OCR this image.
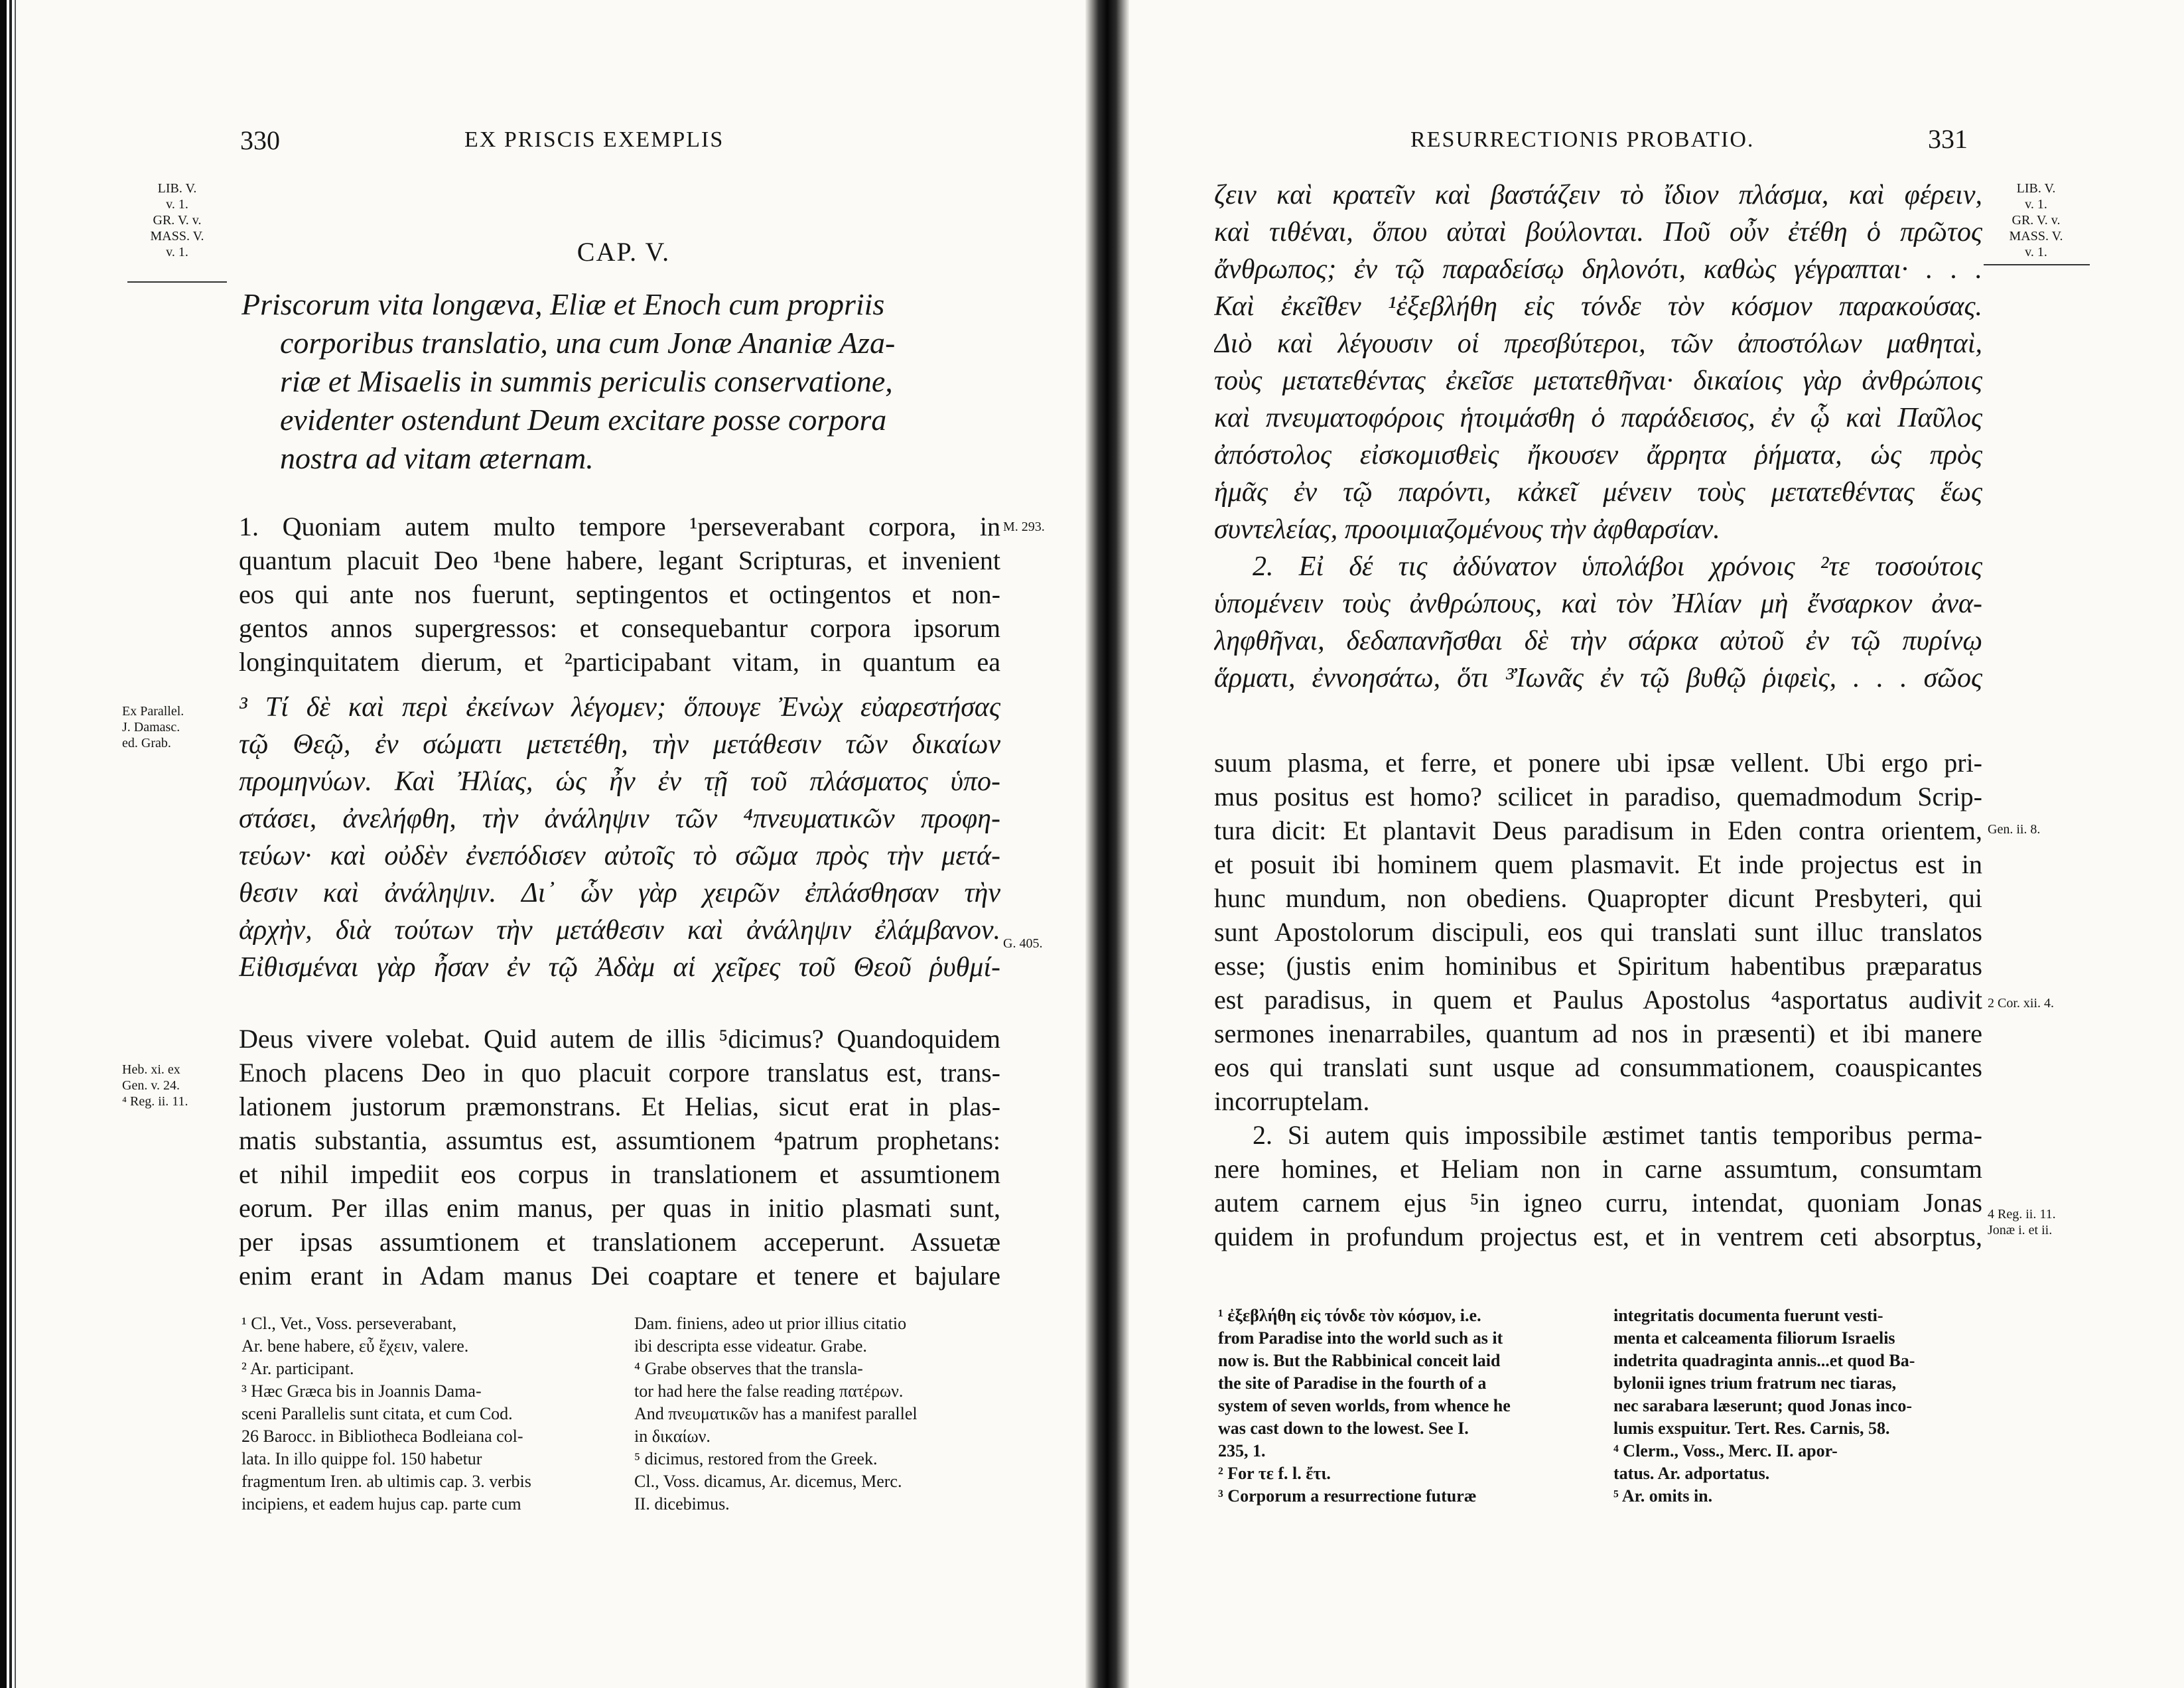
330	EX PRISCIS EXEMPLIS
LIB. V.
v. 1.
GR. V. v.
MASS. V.
v. 1.	CAP. V.
Priscorum vita longæva, Eliæ et Enoch cum propriis
corporibus translatio, una cum Jonæ Ananiæ Aza-
riæ et Misaelis in summis periculis conservatione,
evidenter ostendunt Deum excitare posse corpora
nostra ad vitam æternam.
1. Quoniam autem multo tempore ¹perseverabant corpora, in
quantum placuit Deo ¹bene habere, legant Scripturas, et invenient
eos qui ante nos fuerunt, septingentos et octingentos et non-
gentos annos supergressos: et consequebantur corpora ipsorum
longinquitatem dierum, et ²participabant vitam, in quantum ea
M. 293.
Ex Parallel.
J. Damasc.
ed. Grab.
³ Τί δὲ καὶ περὶ ἐκείνων λέγομεν; ὅπουγε Ἐνὼχ εὐαρεστήσας
τῷ Θεῷ, ἐν σώματι μετετέθη, τὴν μετάθεσιν τῶν δικαίων
προμηνύων. Καὶ Ἠλίας, ὡς ἦν ἐν τῇ τοῦ πλάσματος ὑπο-
στάσει, ἀνελήφθη, τὴν ἀνάληψιν τῶν ⁴πνευματικῶν προφη-
τεύων· καὶ οὐδὲν ἐνεπόδισεν αὐτοῖς τὸ σῶμα πρὸς τὴν μετά-
θεσιν καὶ ἀνάληψιν. Δι᾽ ὧν γὰρ χειρῶν ἐπλάσθησαν τὴν
ἀρχὴν, διὰ τούτων τὴν μετάθεσιν καὶ ἀνάληψιν ἐλάμβανον.
Εἰθισμέναι γὰρ ἦσαν ἐν τῷ Ἀδὰμ αἱ χεῖρες τοῦ Θεοῦ ῥυθμί-
G. 405.
Heb. xi. ex
Gen. v. 24.
⁴ Reg. ii. 11.
Deus vivere volebat. Quid autem de illis ⁵dicimus? Quandoquidem
Enoch placens Deo in quo placuit corpore translatus est, trans-
lationem justorum præmonstrans. Et Helias, sicut erat in plas-
matis substantia, assumtus est, assumtionem ⁴patrum prophetans:
et nihil impediit eos corpus in translationem et assumtionem
eorum. Per illas enim manus, per quas in initio plasmati sunt,
per ipsas assumtionem et translationem acceperunt. Assuetæ
enim erant in Adam manus Dei coaptare et tenere et bajulare
¹ Cl., Vet., Voss. perseverabant,
Ar. bene habere, εὖ ἔχειν, valere.
² Ar. participant.
³ Hæc Græca bis in Joannis Dama-
sceni Parallelis sunt citata, et cum Cod.
26 Barocc. in Bibliotheca Bodleiana col-
lata. In illo quippe fol. 150 habetur
fragmentum Iren. ab ultimis cap. 3. verbis
incipiens, et eadem hujus cap. parte cum
Dam. finiens, adeo ut prior illius citatio
ibi descripta esse videatur. Grabe.
⁴ Grabe observes that the transla-
tor had here the false reading πατέρων.
And πνευματικῶν has a manifest parallel
in δικαίων.
⁵ dicimus, restored from the Greek.
Cl., Voss. dicamus, Ar. dicemus, Merc.
II. dicebimus.
RESURRECTIONIS PROBATIO.	331
LIB. V.
v. 1.
GR. V. v.
MASS. V.
v. 1.
ζειν καὶ κρατεῖν καὶ βαστάζειν τὸ ἴδιον πλάσμα, καὶ φέρειν,
καὶ τιθέναι, ὅπου αὐταὶ βούλονται. Ποῦ οὖν ἐτέθη ὁ πρῶτος
ἄνθρωπος; ἐν τῷ παραδείσῳ δηλονότι, καθὼς γέγραπται· . . .
Καὶ ἐκεῖθεν ¹ἐξεβλήθη εἰς τόνδε τὸν κόσμον παρακούσας.
Διὸ καὶ λέγουσιν οἱ πρεσβύτεροι, τῶν ἀποστόλων μαθηταὶ,
τοὺς μετατεθέντας ἐκεῖσε μετατεθῆναι· δικαίοις γὰρ ἀνθρώποις
καὶ πνευματοφόροις ἡτοιμάσθη ὁ παράδεισος, ἐν ᾧ καὶ Παῦλος
ἀπόστολος εἰσκομισθεὶς ἤκουσεν ἄρρητα ῥήματα, ὡς πρὸς
ἡμᾶς ἐν τῷ παρόντι, κἀκεῖ μένειν τοὺς μετατεθέντας ἕως
συντελείας, προοιμιαζομένους τὴν ἀφθαρσίαν.
2. Εἰ δέ τις ἀδύνατον ὑπολάβοι χρόνοις ²τε τοσούτοις
ὑπομένειν τοὺς ἀνθρώπους, καὶ τὸν Ἠλίαν μὴ ἔνσαρκον ἀνα-
ληφθῆναι, δεδαπανῆσθαι δὲ τὴν σάρκα αὐτοῦ ἐν τῷ πυρίνῳ
ἅρματι, ἐννοησάτω, ὅτι ³Ἰωνᾶς ἐν τῷ βυθῷ ῥιφεὶς, . . . σῶος
suum plasma, et ferre, et ponere ubi ipsæ vellent. Ubi ergo pri-
mus positus est homo? scilicet in paradiso, quemadmodum Scrip-
tura dicit: Et plantavit Deus paradisum in Eden contra orientem,
et posuit ibi hominem quem plasmavit. Et inde projectus est in
hunc mundum, non obediens. Quapropter dicunt Presbyteri, qui
sunt Apostolorum discipuli, eos qui translati sunt illuc translatos
esse; (justis enim hominibus et Spiritum habentibus præparatus
est paradisus, in quem et Paulus Apostolus ⁴asportatus audivit
sermones inenarrabiles, quantum ad nos in præsenti) et ibi manere
eos qui translati sunt usque ad consummationem, coauspicantes
incorruptelam.
2. Si autem quis impossibile æstimet tantis temporibus perma-
nere homines, et Heliam non in carne assumtum, consumtam
autem carnem ejus ⁵in igneo curru, intendat, quoniam Jonas
quidem in profundum projectus est, et in ventrem ceti absorptus,
Gen. ii. 8.
2 Cor. xii. 4.
4 Reg. ii. 11.
Jonæ i. et ii.
¹ ἐξεβλήθη εἰς τόνδε τὸν κόσμον, i.e.
from Paradise into the world such as it
now is. But the Rabbinical conceit laid
the site of Paradise in the fourth of a
system of seven worlds, from whence he
was cast down to the lowest. See I.
235, 1.
² For τε f. l. ἔτι.
³ Corporum a resurrectione futuræ
integritatis documenta fuerunt vesti-
menta et calceamenta filiorum Israelis
indetrita quadraginta annis...et quod Ba-
bylonii ignes trium fratrum nec tiaras,
nec sarabara læserunt; quod Jonas inco-
lumis exspuitur. Tert. Res. Carnis, 58.
⁴ Clerm., Voss., Merc. II. apor-
tatus. Ar. adportatus.
⁵ Ar. omits in.
